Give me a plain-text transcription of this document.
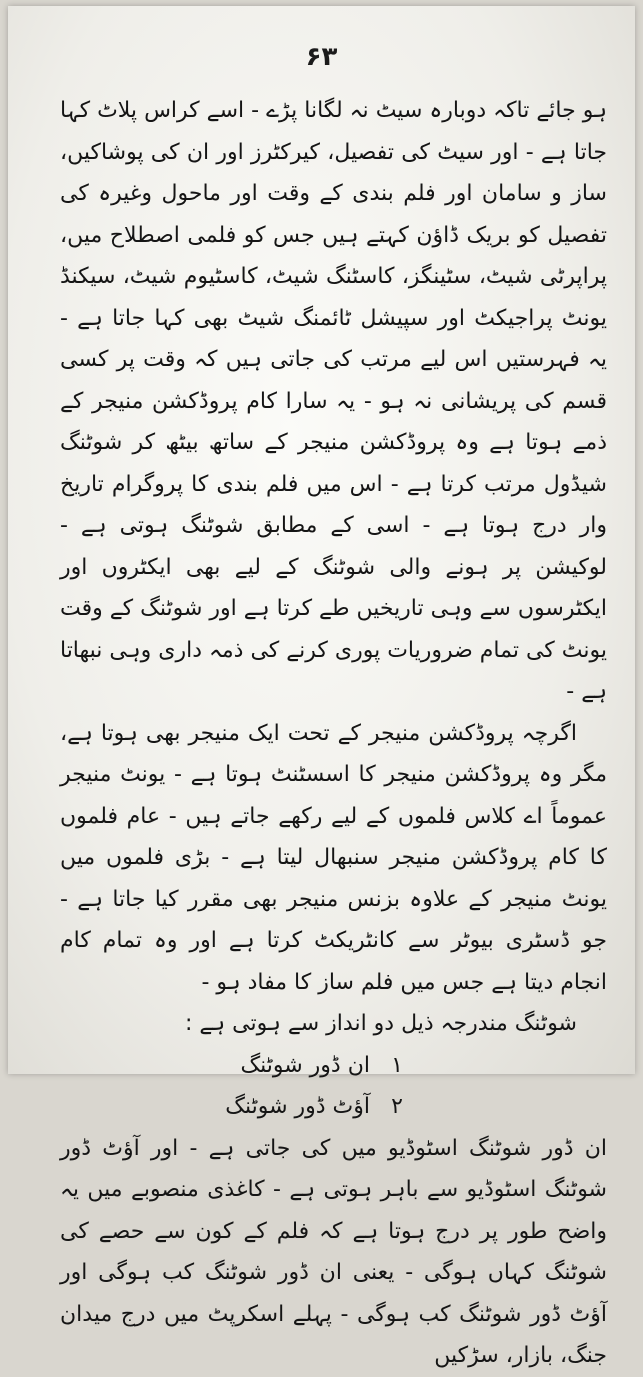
۶۳

ہو جائے تاکہ دوبارہ سیٹ نہ لگانا پڑے - اسے کراس پلاٹ کہا جاتا ہے - اور سیٹ کی تفصیل، کیرکٹرز اور ان کی پوشاکیں، ساز و سامان اور فلم بندی کے وقت اور ماحول وغیرہ کی تفصیل کو بریک ڈاؤن کہتے ہیں جس کو فلمی اصطلاح میں، پراپرٹی شیٹ، سٹینگز، کاسٹنگ شیٹ، کاسٹیوم شیٹ، سیکنڈ یونٹ پراجیکٹ اور سپیشل ٹائمنگ شیٹ بھی کہا جاتا ہے - یہ فہرستیں اس لیے مرتب کی جاتی ہیں کہ وقت پر کسی قسم کی پریشانی نہ ہو - یہ سارا کام پروڈکشن منیجر کے ذمے ہوتا ہے وہ پروڈکشن منیجر کے ساتھ بیٹھ کر شوٹنگ شیڈول مرتب کرتا ہے - اس میں فلم بندی کا پروگرام تاریخ وار درج ہوتا ہے - اسی کے مطابق شوٹنگ ہوتی ہے - لوکیشن پر ہونے والی شوٹنگ کے لیے بھی ایکٹروں اور ایکٹرسوں سے وہی تاریخیں طے کرتا ہے اور شوٹنگ کے وقت یونٹ کی تمام ضروریات پوری کرنے کی ذمہ داری وہی نبھاتا ہے -

اگرچہ پروڈکشن منیجر کے تحت ایک منیجر بھی ہوتا ہے، مگر وہ پروڈکشن منیجر کا اسسٹنٹ ہوتا ہے - یونٹ منیجر عموماً اے کلاس فلموں کے لیے رکھے جاتے ہیں - عام فلموں کا کام پروڈکشن منیجر سنبھال لیتا ہے - بڑی فلموں میں یونٹ منیجر کے علاوہ بزنس منیجر بھی مقرر کیا جاتا ہے - جو ڈسٹری بیوٹر سے کانٹریکٹ کرتا ہے اور وہ تمام کام انجام دیتا ہے جس میں فلم ساز کا مفاد ہو -

شوٹنگ مندرجہ ذیل دو انداز سے ہوتی ہے :

۱ ان ڈور شوٹنگ
۲ آؤٹ ڈور شوٹنگ

ان ڈور شوٹنگ اسٹوڈیو میں کی جاتی ہے - اور آؤٹ ڈور شوٹنگ اسٹوڈیو سے باہر ہوتی ہے - کاغذی منصوبے میں یہ واضح طور پر درج ہوتا ہے کہ فلم کے کون سے حصے کی شوٹنگ کہاں ہوگی - یعنی ان ڈور شوٹنگ کب ہوگی اور آؤٹ ڈور شوٹنگ کب ہوگی - پہلے اسکرپٹ میں درج میدان جنگ، بازار، سڑکیں
